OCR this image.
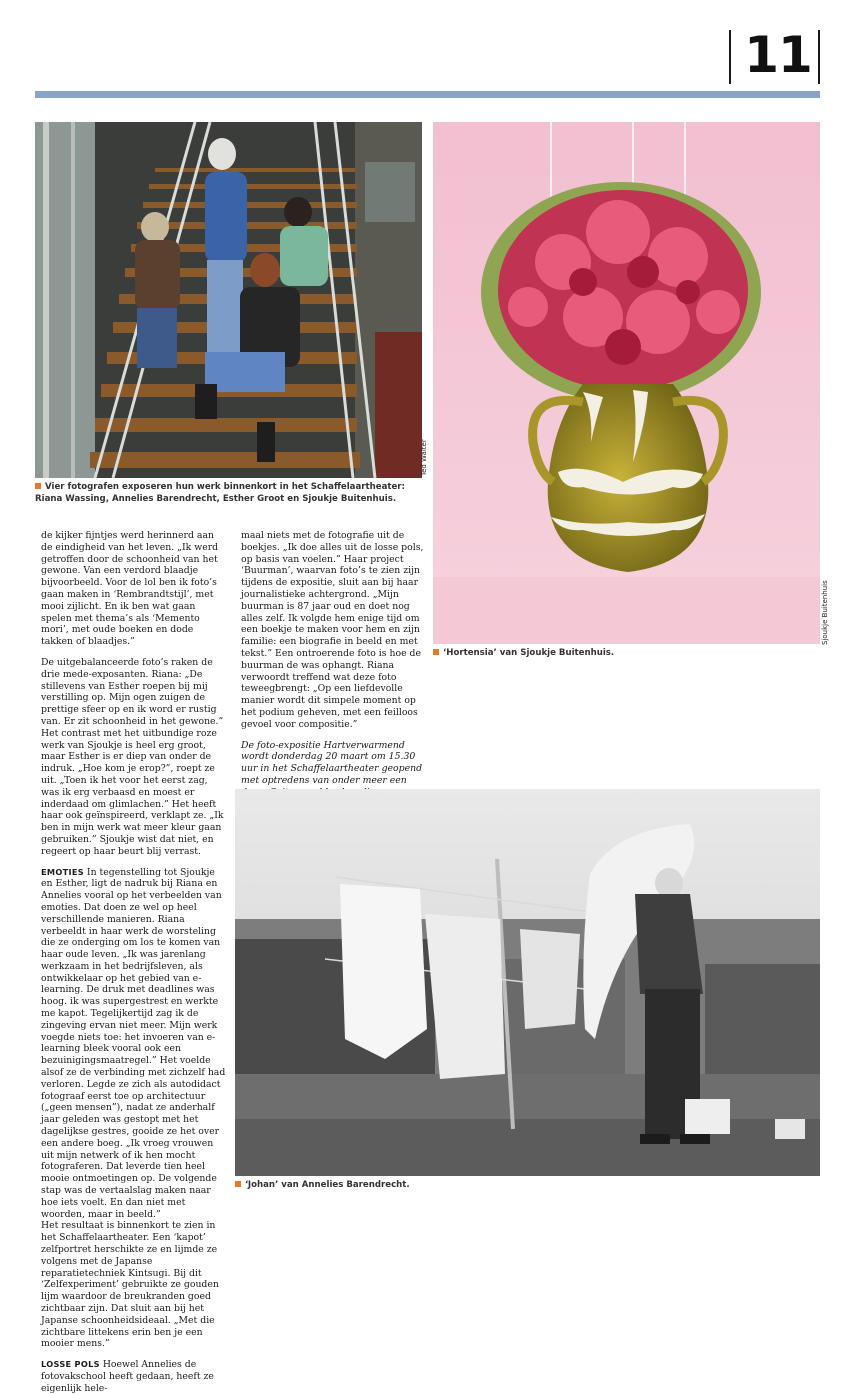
11
Ted Walter
Vier fotografen exposeren hun werk binnenkort in het Schaffelaartheater: Riana Wassing, Annelies Barendrecht, Esther Groot en Sjoukje Buitenhuis.
Sjoukje Buitenhuis
‘Hortensia’ van Sjoukje Buitenhuis.

de kijker fijntjes werd herinnerd aan de eindigheid van het leven. „Ik werd getroffen door de schoonheid van het gewone. Van een verdord blaadje bijvoorbeeld. Voor de lol ben ik foto’s gaan maken in ‘Rembrandtstijl’, met mooi zijlicht. En ik ben wat gaan spelen met thema’s als ‘Memento mori’, met oude boeken en dode takken of blaadjes.”

De uitgebalanceerde foto’s raken de drie mede-exposanten. Riana: „De stillevens van Esther roepen bij mij verstilling op. Mijn ogen zuigen de prettige sfeer op en ik word er rustig van. Er zit schoonheid in het gewone.”

Het contrast met het uitbundige roze werk van Sjoukje is heel erg groot, maar Esther is er diep van onder de indruk. „Hoe kom je erop?”, roept ze uit. „Toen ik het voor het eerst zag, was ik erg verbaasd en moest er inderdaad om glimlachen.” Het heeft haar ook geïnspireerd, verklapt ze. „Ik ben in mijn werk wat meer kleur gaan gebruiken.” Sjoukje wist dat niet, en regeert op haar beurt blij verrast.

EMOTIES In tegenstelling tot Sjoukje en Esther, ligt de nadruk bij Riana en Annelies vooral op het verbeelden van emoties. Dat doen ze wel op heel verschillende manieren. Riana verbeeldt in haar werk de worsteling die ze onderging om los te komen van haar oude leven. „Ik was jarenlang werkzaam in het bedrijfsleven, als ontwikkelaar op het gebied van e-learning. De druk met deadlines was hoog. ik was supergestrest en werkte me kapot. Tegelijkertijd zag ik de zingeving ervan niet meer. Mijn werk voegde niets toe: het invoeren van e-learning bleek vooral ook een bezuinigingsmaatregel.” Het voelde alsof ze de verbinding met zichzelf had verloren. Legde ze zich als autodidact fotograaf eerst toe op architectuur („geen mensen”), nadat ze anderhalf jaar geleden was gestopt met het dagelijkse gestres, gooide ze het over een andere boeg. „Ik vroeg vrouwen uit mijn netwerk of ik hen mocht fotograferen. Dat leverde tien heel mooie ontmoetingen op. De volgende stap was de vertaalslag maken naar hoe iets voelt. En dan niet met woorden, maar in beeld.”

Het resultaat is binnenkort te zien in het Schaffelaartheater. Een ‘kapot’ zelfportret herschikte ze en lijmde ze volgens met de Japanse reparatietechniek Kintsugi. Bij dit ‘Zelfexperiment’ gebruikte ze gouden lijm waardoor de breukranden goed zichtbaar zijn. Dat sluit aan bij het Japanse schoonheidsideaal. „Met die zichtbare littekens erin ben je een mooier mens.”

LOSSE POLS Hoewel Annelies de fotovakschool heeft gedaan, heeft ze eigenlijk hele-

maal niets met de fotografie uit de boekjes. „Ik doe alles uit de losse pols, op basis van voelen.” Haar project ‘Buurman’, waarvan foto’s te zien zijn tijdens de expositie, sluit aan bij haar journalistieke achtergrond. „Mijn buurman is 87 jaar oud en doet nog alles zelf. Ik volgde hem enige tijd om een boekje te maken voor hem en zijn familie: een biografie in beeld en met tekst.” Een ontroerende foto is hoe de buurman de was ophangt. Riana verwoordt treffend wat deze foto teweegbrengt: „Op een liefdevolle manier wordt dit simpele moment op het podium geheven, met een feilloos gevoel voor compositie.”

De foto-expositie Hartverwarmend wordt donderdag 20 maart om 15.30 uur in het Schaffelaartheater geopend met optredens van onder meer een

‘Johan’ van Annelies Barendrecht.
